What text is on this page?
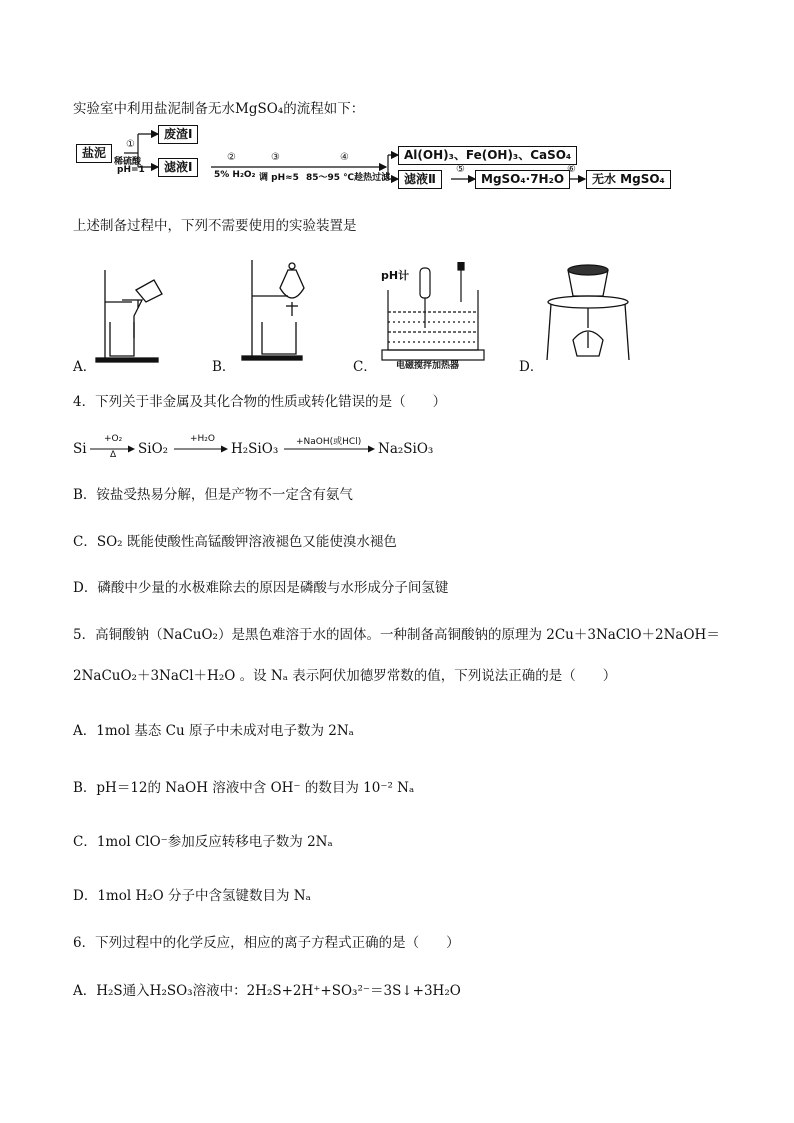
实验室中利用盐泥制备无水MgSO₄的流程如下：
盐泥
①
稀硫酸
pH=1
废渣Ⅰ
滤液Ⅰ
②
5% H₂O₂
③
调 pH≈5
④
85～95 ℃趁热过滤
Al(OH)₃、Fe(OH)₃、CaSO₄
滤液Ⅱ
⑤
MgSO₄·7H₂O
⑥
无水 MgSO₄
上述制备过程中，下列不需要使用的实验装置是
A．	B．
pH计
电磁搅拌加热器
C．	D．
4．下列关于非金属及其化合物的性质或转化错误的是（　　）
Si
+O₂
Δ SiO₂
+H₂O
H₂SiO₃ +NaOH(或HCl) Na₂SiO₃
B．铵盐受热易分解，但是产物不一定含有氨气
C．SO₂ 既能使酸性高锰酸钾溶液褪色又能使溴水褪色
D．磷酸中少量的水极难除去的原因是磷酸与水形成分子间氢键
5．高铜酸钠（NaCuO₂）是黑色难溶于水的固体。一种制备高铜酸钠的原理为 2Cu＋3NaClO＋2NaOH＝
2NaCuO₂＋3NaCl＋H₂O 。设 Nₐ 表示阿伏加德罗常数的值，下列说法正确的是（　　）
A．1mol 基态 Cu 原子中未成对电子数为 2Nₐ
B．pH＝12的 NaOH 溶液中含 OH⁻ 的数目为 10⁻² Nₐ
C．1mol ClO⁻参加反应转移电子数为 2Nₐ
D．1mol H₂O 分子中含氢键数目为 Nₐ
6．下列过程中的化学反应，相应的离子方程式正确的是（　　）
A．H₂S通入H₂SO₃溶液中：2H₂S+2H⁺+SO₃²⁻＝3S↓+3H₂O
